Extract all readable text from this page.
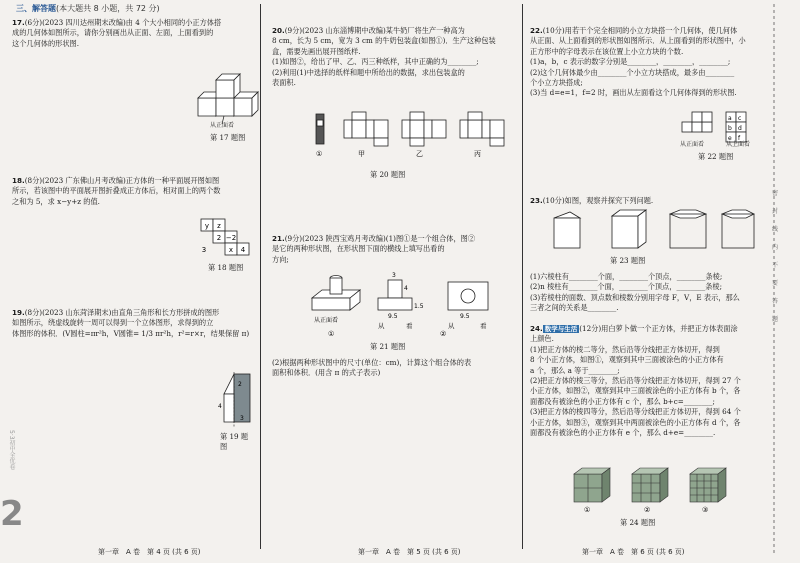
5·3初中全优卷
2
三、解答题(本大题共 8 小题，共 72 分)

17.(6分)(2023 四川达州期末改编)由 4 个大小相同的小正方体搭

成的几何体如图所示，请你分别画出从正面、左面，上面看到的

这个几何体的形状图.

从正面看
第 17 题图

18.(8分)(2023 广东佛山月考改编)正方体的一种平面展开图如图

所示，若该图中的平面展开图折叠成正方体后，相对面上的两个数

之和为 5，求 x−y+z 的值.

y z
2 −2
x 4
3
第 18 题图

19.(8分)(2023 山东菏泽期末)由直角三角形和长方形拼成的图形

如图所示，绕虚线旋转一周可以得到一个立体图形，求得到的立

体图形的体积．(V圆柱=πr²h，V圆锥= 1/3 πr²h，r²=r×r，结果保留 π)

2
4
3
第 19 题图
第一章　A 卷　第 4 页 (共 6 页)

20.(9分)(2023 山东淄博期中改编)某牛奶厂将生产一种高为

8 cm，长为 5 cm，宽为 3 cm 的牛奶包装盒(如图①)．生产这种包装

盒，需要先画出展开图纸样.

(1)如图②，给出了甲、乙、丙三种纸样，其中正确的为________;

(2)利用(1)中选择的纸样和题中所给出的数据，求出包装盒的

表面积.

①	甲	乙	丙
第 20 题图

21.(9分)(2023 陕西宝鸡月考改编)(1)图①是一个组合体，图②

是它的两种形状图，在形状图下面的横线上填写出看的

方向;

4
1.5
3
9.5	9.5
从	看	从	看
从正面看
①	②
第 21 题图

(2)根据两种形状图中的尺寸(单位：cm)，计算这个组合体的表

面积和体积．(用含 π 的式子表示)

第一章　A 卷　第 5 页 (共 6 页)

22.(10分)用若干个完全相同的小立方块搭一个几何体，使几何体

从正面、从上面看到的形状图如图所示．从上面看到的形状图中，小

正方形中的字母表示在该位置上小立方块的个数.

(1)a，b，c 表示的数字分别是________，________，________;

(2)这个几何体最少由________个小立方块搭成，最多由________

个小立方块搭成;

(3)当 d=e=1，f=2 时，画出从左面看这个几何体得到的形状图.

a c
b d
e f
从正面看	从上面看
第 22 题图

23.(10分)如图，观察并探究下列问题.

第 23 题图

(1)六棱柱有________个面，________个顶点，________条棱;

(2)n 棱柱有________个面，________个顶点，________条棱;

(3)若棱柱的面数、顶点数和棱数分别用字母 F，V，E 表示，那么

三者之间的关系是________.

24. 数学与生活 (12分)用白萝卜做一个正方体，并把正方体表面涂

上颜色.

(1)把正方体的棱二等分，然后沿等分线把正方体切开，得到

8 个小正方体，如图①，观察到其中三面被涂色的小正方体有

a 个，那么 a 等于________;

(2)把正方体的棱三等分，然后沿等分线把正方体切开，得到 27 个

小正方体，如图②，观察到其中三面被涂色的小正方体有 b 个，各

面都没有被涂色的小正方体有 c 个，那么 b+c=________;

(3)把正方体的棱四等分，然后沿等分线把正方体切开，得到 64 个

小正方体，如图③，观察到其中两面被涂色的小正方体有 d 个，各

面都没有被涂色的小正方体有 e 个，那么 d+e=________.

①	②	③
第 24 题图
第一章　A 卷　第 6 页 (共 6 页)
密 封 线 内 不 要 答 题
